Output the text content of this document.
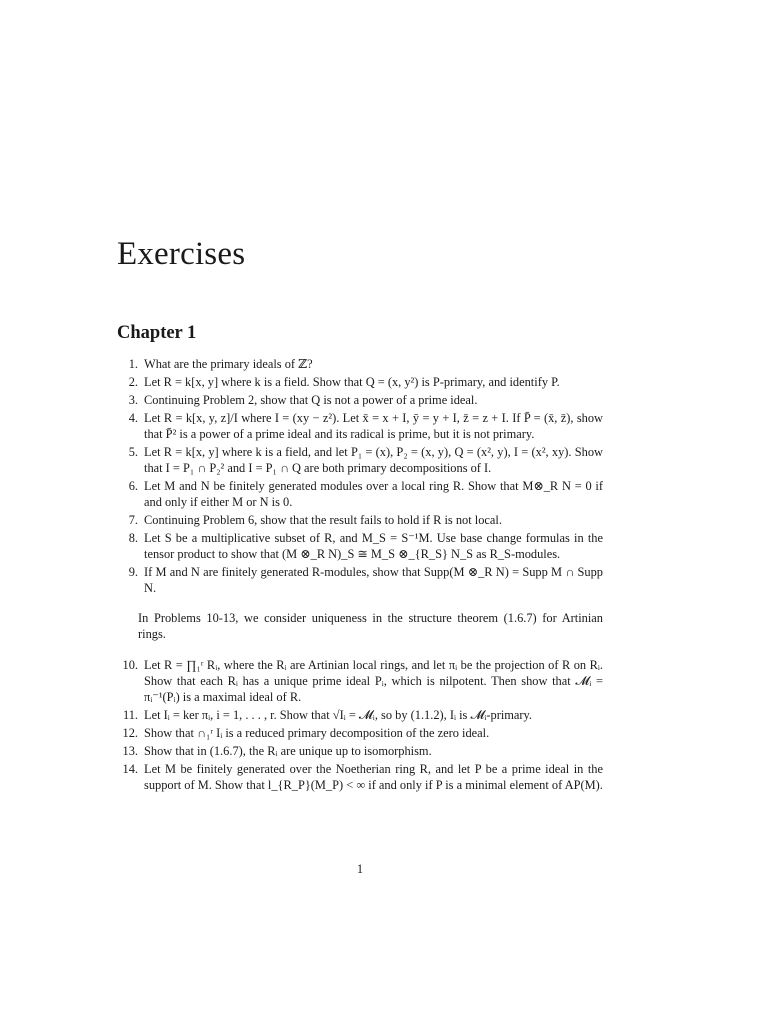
Exercises
Chapter 1
1. What are the primary ideals of ℤ?
2. Let R = k[x, y] where k is a field. Show that Q = (x, y²) is P-primary, and identify P.
3. Continuing Problem 2, show that Q is not a power of a prime ideal.
4. Let R = k[x, y, z]/I where I = (xy − z²). Let x̄ = x + I, ȳ = y + I, z̄ = z + I. If P̄ = (x̄, z̄), show that P̄² is a power of a prime ideal and its radical is prime, but it is not primary.
5. Let R = k[x, y] where k is a field, and let P₁ = (x), P₂ = (x, y), Q = (x², y), I = (x², xy). Show that I = P₁ ∩ P₂² and I = P₁ ∩ Q are both primary decompositions of I.
6. Let M and N be finitely generated modules over a local ring R. Show that M⊗_R N = 0 if and only if either M or N is 0.
7. Continuing Problem 6, show that the result fails to hold if R is not local.
8. Let S be a multiplicative subset of R, and M_S = S⁻¹M. Use base change formulas in the tensor product to show that (M ⊗_R N)_S ≅ M_S ⊗_{R_S} N_S as R_S-modules.
9. If M and N are finitely generated R-modules, show that Supp(M ⊗_R N) = Supp M ∩ Supp N.

In Problems 10-13, we consider uniqueness in the structure theorem (1.6.7) for Artinian rings.

10. Let R = ∏₁ʳ Rᵢ, where the Rᵢ are Artinian local rings, and let πᵢ be the projection of R on Rᵢ. Show that each Rᵢ has a unique prime ideal Pᵢ, which is nilpotent. Then show that 𝓜ᵢ = πᵢ⁻¹(Pᵢ) is a maximal ideal of R.
11. Let Iᵢ = ker πᵢ, i = 1, . . . , r. Show that √Iᵢ = 𝓜ᵢ, so by (1.1.2), Iᵢ is 𝓜ᵢ-primary.
12. Show that ∩₁ʳ Iᵢ is a reduced primary decomposition of the zero ideal.
13. Show that in (1.6.7), the Rᵢ are unique up to isomorphism.
14. Let M be finitely generated over the Noetherian ring R, and let P be a prime ideal in the support of M. Show that l_{R_P}(M_P) < ∞ if and only if P is a minimal element of AP(M).
1
